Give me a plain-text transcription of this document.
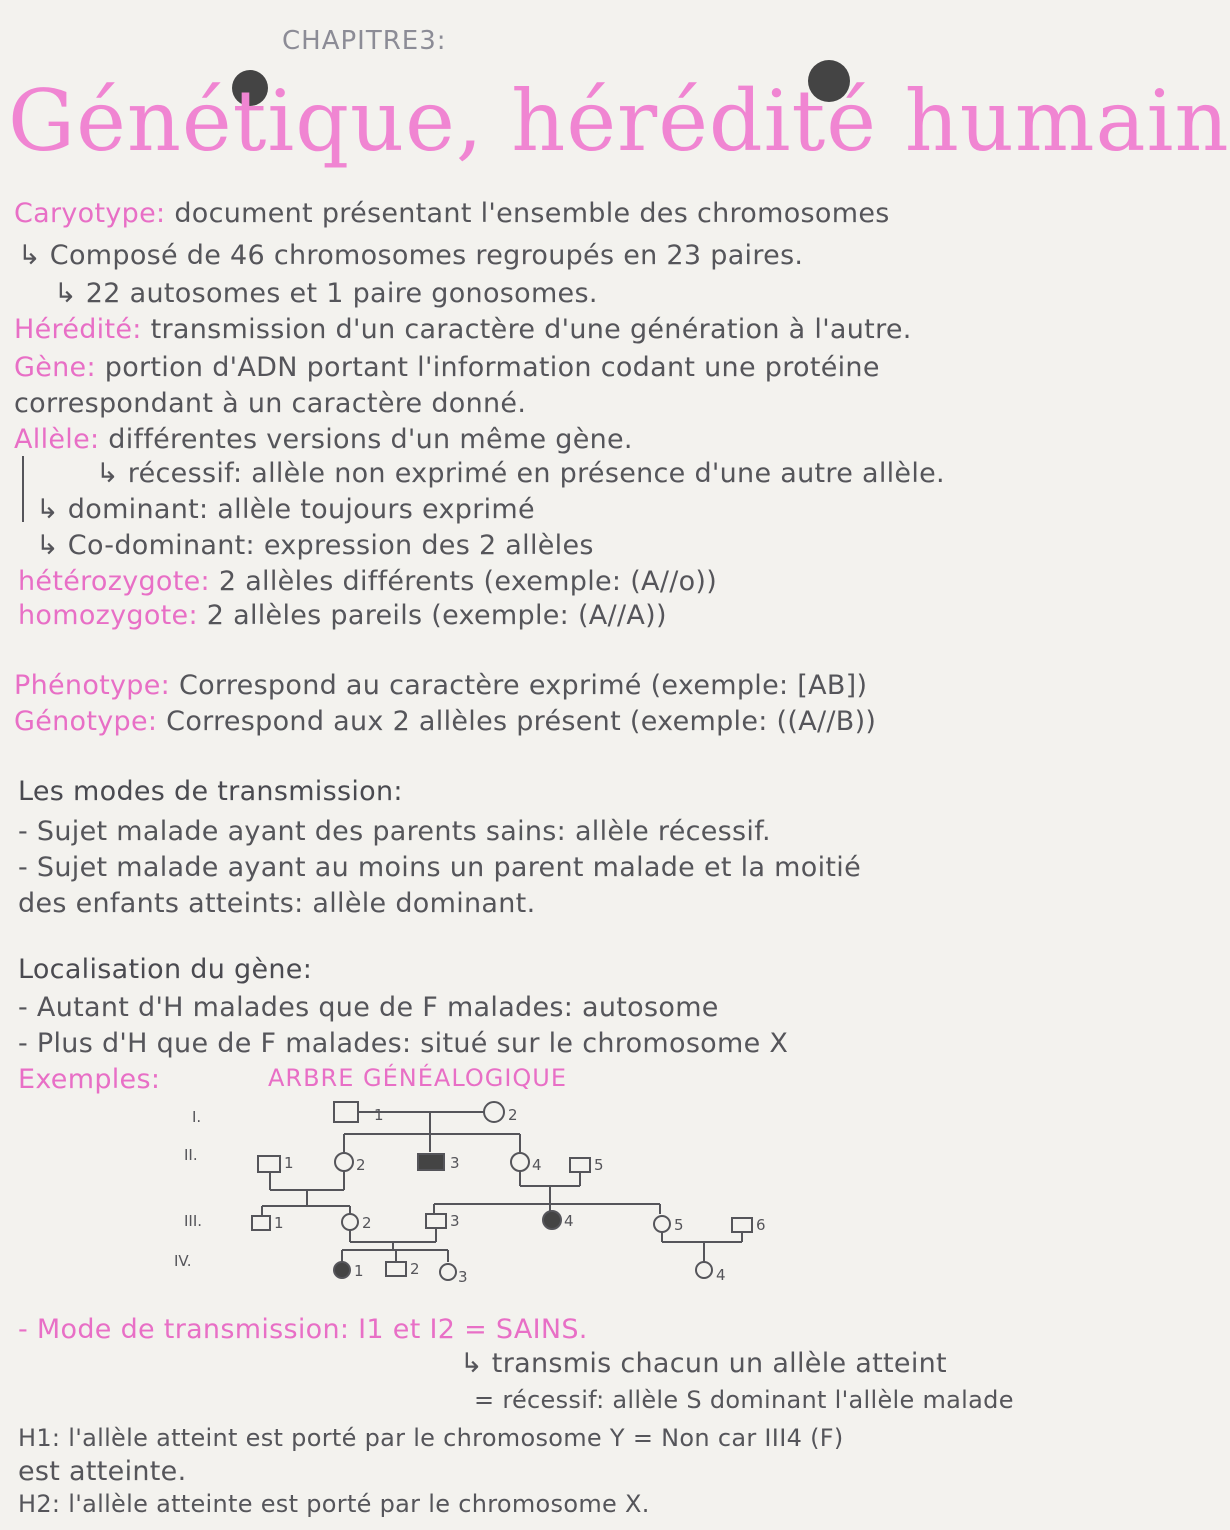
CHAPITRE3:
Génétique, hérédité humain
Caryotype: document présentant l'ensemble des chromosomes
↳ Composé de 46 chromosomes regroupés en 23 paires.
↳ 22 autosomes et 1 paire gonosomes.
Hérédité: transmission d'un caractère d'une génération à l'autre.
Gène: portion d'ADN portant l'information codant une protéine
correspondant à un caractère donné.
Allèle: différentes versions d'un même gène.
↳ récessif: allèle non exprimé en présence d'une autre allèle.
↳ dominant: allèle toujours exprimé
↳ Co-dominant: expression des 2 allèles
hétérozygote: 2 allèles différents (exemple: (A//o))
homozygote: 2 allèles pareils (exemple: (A//A))
Phénotype: Correspond au caractère exprimé (exemple: [AB])
Génotype: Correspond aux 2 allèles présent (exemple: ((A//B))
Les modes de transmission:
- Sujet malade ayant des parents sains: allèle récessif.
- Sujet malade ayant au moins un parent malade et la moitié
des enfants atteints: allèle dominant.
Localisation du gène:
- Autant d'H malades que de F malades: autosome
- Plus d'H que de F malades: situé sur le chromosome X
Exemples:	ARBRE GÉNÉALOGIQUE
I.
II.
III.
IV.
1	2
1	2	3	4	5
1	2	3	4	5	6
1	2	3	4
- Mode de transmission: I1 et I2 = SAINS.
↳ transmis chacun un allèle atteint
= récessif: allèle S dominant l'allèle malade
H1: l'allèle atteint est porté par le chromosome Y = Non car III4 (F)
est atteinte.
H2: l'allèle atteinte est porté par le chromosome X.
